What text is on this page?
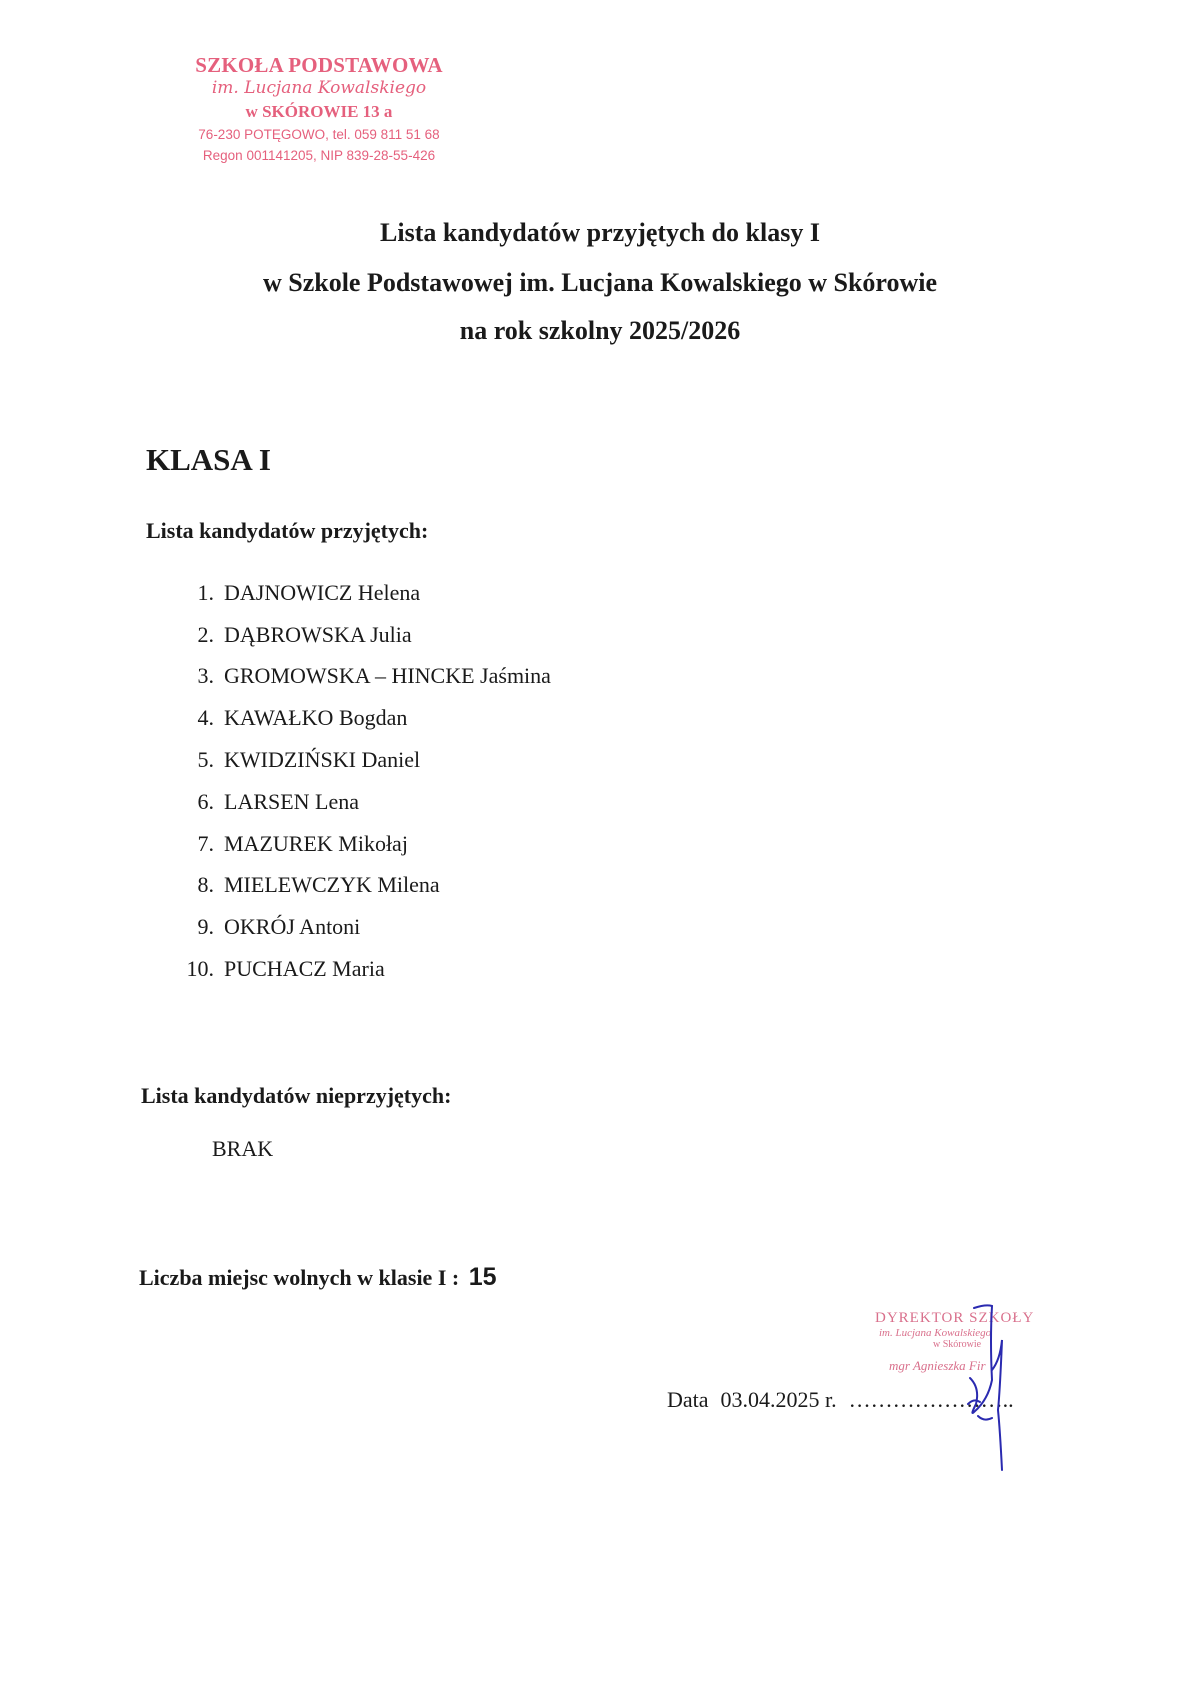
SZKOŁA PODSTAWOWA
im. Lucjana Kowalskiego
w SKÓROWIE 13 a
76-230 POTĘGOWO, tel. 059 811 51 68
Regon 001141205, NIP 839-28-55-426
Lista kandydatów przyjętych do klasy I
w Szkole Podstawowej im. Lucjana Kowalskiego w Skórowie
na rok szkolny 2025/2026
KLASA I
Lista kandydatów przyjętych:
1. DAJNOWICZ Helena
2. DĄBROWSKA Julia
3. GROMOWSKA – HINCKE Jaśmina
4. KAWAŁKO Bogdan
5. KWIDZIŃSKI Daniel
6. LARSEN Lena
7. MAZUREK Mikołaj
8. MIELEWCZYK Milena
9. OKRÓJ Antoni
10. PUCHACZ Maria
Lista kandydatów nieprzyjętych:
BRAK
Liczba miejsc wolnych w klasie I : 15
DYREKTOR SZKOŁY
im. Lucjana Kowalskiego
w Skórowie
mgr Agnieszka Fir
Data 03.04.2025 r. …………………..
